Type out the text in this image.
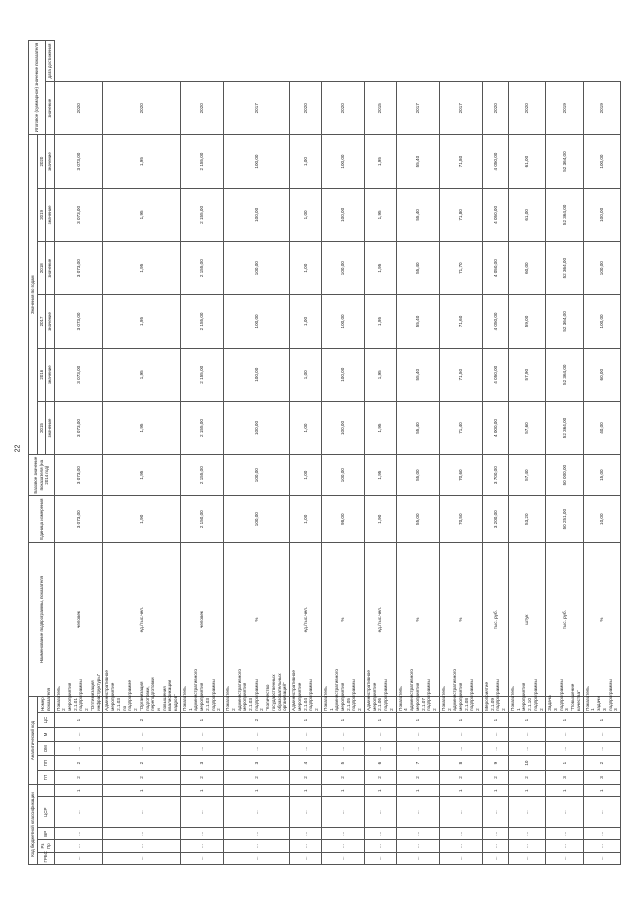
22
Код бюджетной классификации					Аналитический код						Наименование подпрограммы, показателя	Единица измерения	Базовое значение показателя (на 2014 год)	Значения по годам						Итоговое (суммарное) значение показателя	
ГРБС	Рз Пр	ВР	ЦСР		ГП	ПП	ОМ	М	ЦС	Номер показателя				2015	2016	2017	2018	2019	2020		
														значение	значение	значение	значение	значение	значение	значение	дата достижения
...	...	...	...	1	2	2	...	...	1	Показатель 2 мероприятия 2.1.01 подпрограммы 2 "Оптимизация инфраструктуры"	человек	3 073,00	3 073,00	3 073,00	3 073,00	3 073,00	3 073,00	3 073,00	3 073,00	2020	
...	...	...	...	1	2	2	...	...	2	Административное мероприятие 2.1.03 по подпрограмме 2 "Организация подготовки, переподготовки и повышения квалификации кадров"	ед./тыс.чел.	1,90	1,95	1,95	1,95	1,95	1,95	1,95	1,95	2020	
...	...	...	...	1	2	3	...	...	1	Показатель 1 административного мероприятия 2.1.03 подпрограммы 2	человек	2 150,00	2 155,00	2 155,00	2 155,00	2 155,00	2 155,00	2 155,00	2 155,00	2020	
...	...	...	...	1	2	3	...	...	2	Показатель 2 административного мероприятия 2.1.03 подпрограммы 2 "Количество государственных образовательных организаций"	%	100,00	100,00	100,00	100,00	100,00	100,00	100,00	100,00	2017	
...	...	...	...	1	2	4	...	...	1	Административное мероприятие 2.1.04 подпрограммы 2	ед./тыс.чел.	1,00	1,00	1,00	1,00	1,00	1,00	1,00	1,00	2020	
...	...	...	...	1	2	5	...	...	1	Показатель 1 административного мероприятия 2.1.05 подпрограммы 2	%	98,00	100,00	100,00	100,00	100,00	100,00	100,00	100,00	2020	
...	...	...	...	1	2	6	...	...	1	Административное мероприятие 2.1.06 подпрограммы 2	ед./тыс.чел.	1,90	1,95	1,95	1,95	1,95	1,95	1,95	1,95	2015	
...	...	...	...	1	2	7	...	...	1	Показатель 4 административного мероприятия 2.1.07 подпрограммы 2	%	55,00	55,00	55,40	55,40	55,40	55,40	55,40	55,40	2017	
...	...	...	...	1	2	8	...	...	1	Показатель 2 административного мероприятия 2.1.08 подпрограммы 2	%	70,50	70,60	71,40	71,50	71,60	71,70	71,80	71,80	2017	
...	...	...	...	1	2	9	...	...	1	Мероприятие 2.1.09 подпрограммы 2	тыс. руб.	3 200,00	3 700,00	4 000,00	4 050,00	4 050,00	4 050,00	4 050,00	4 050,00	2020	
...	...	...	...	1	2	10	...	...	1	Показатель 1 мероприятия 2.1.10 подпрограммы 2	штук	53,20	57,40	57,60	57,90	59,00	60,00	61,00	61,00	2020	
...	...	...	...	1	3	1	...	...	1	Задача 3 подпрограммы 3 "Повышение качества"	тыс. руб.	50 251,00	50 000,00	52 364,00	52 364,00	52 364,00	52 364,00	52 364,00	52 364,00	2019	
...	...	...	...	1	3	2	...	...	1	Показатель 1 задачи 3 подпрограммы 3	%	10,00	15,00	40,00	60,00	100,00	100,00	100,00	100,00	2019	
